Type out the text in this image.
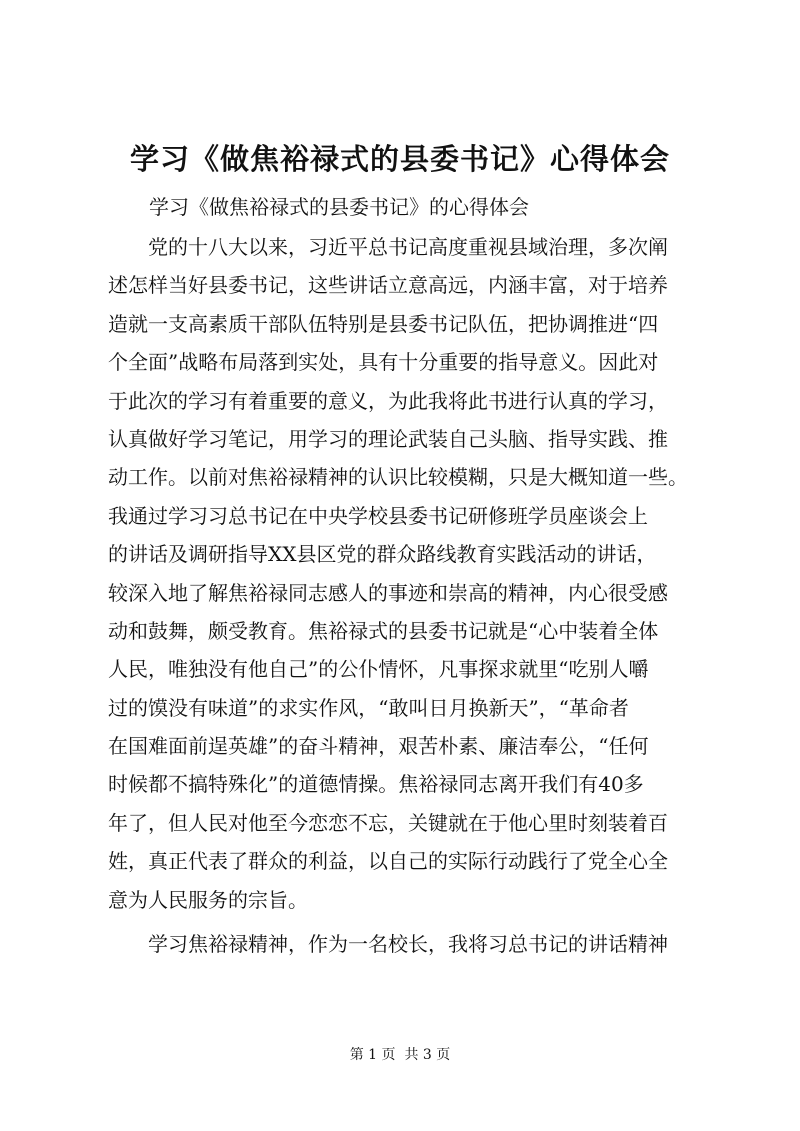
学习《做焦裕禄式的县委书记》心得体会
学习《做焦裕禄式的县委书记》的心得体会
党的十八大以来，习近平总书记高度重视县域治理，多次阐
述怎样当好县委书记，这些讲话立意高远，内涵丰富，对于培养
造就一支高素质干部队伍特别是县委书记队伍，把协调推进“四
个全面”战略布局落到实处，具有十分重要的指导意义。因此对
于此次的学习有着重要的意义，为此我将此书进行认真的学习，
认真做好学习笔记，用学习的理论武装自己头脑、指导实践、推
动工作。以前对焦裕禄精神的认识比较模糊，只是大概知道一些。
我通过学习习总书记在中央学校县委书记研修班学员座谈会上
的讲话及调研指导XX县区党的群众路线教育实践活动的讲话，
较深入地了解焦裕禄同志感人的事迹和崇高的精神，内心很受感
动和鼓舞，颇受教育。焦裕禄式的县委书记就是“心中装着全体
人民，唯独没有他自己”的公仆情怀，凡事探求就里“吃别人嚼
过的馍没有味道”的求实作风，“敢叫日月换新天”，“革命者
在国难面前逞英雄”的奋斗精神，艰苦朴素、廉洁奉公，“任何
时候都不搞特殊化”的道德情操。焦裕禄同志离开我们有40多
年了，但人民对他至今恋恋不忘，关键就在于他心里时刻装着百
姓，真正代表了群众的利益，以自己的实际行动践行了党全心全
意为人民服务的宗旨。
学习焦裕禄精神，作为一名校长，我将习总书记的讲话精神
第 1 页  共 3 页
